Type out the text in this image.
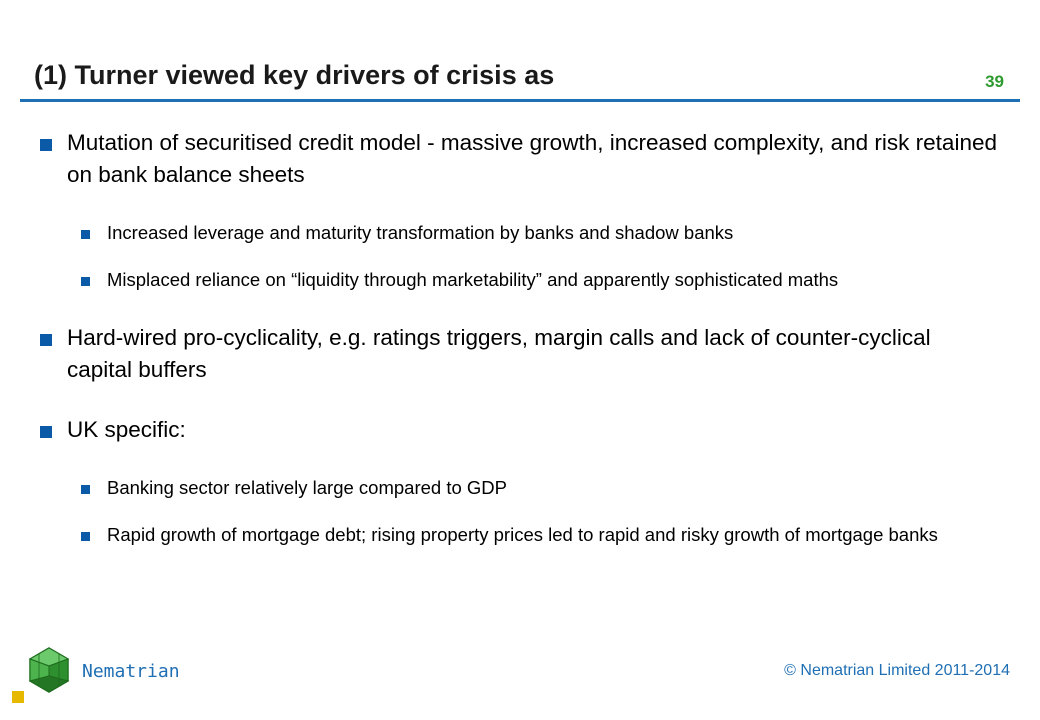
(1) Turner viewed key drivers of crisis as	39
Mutation of securitised credit model - massive growth, increased complexity, and risk retained on bank balance sheets
Increased leverage and maturity transformation by banks and shadow banks
Misplaced reliance on “liquidity through marketability” and apparently sophisticated maths
Hard-wired pro-cyclicality, e.g. ratings triggers, margin calls and lack of counter-cyclical capital buffers
UK specific:
Banking sector relatively large compared to GDP
Rapid growth of mortgage debt; rising property prices led to rapid and risky growth of mortgage banks
Nematrian	© Nematrian Limited 2011-2014
